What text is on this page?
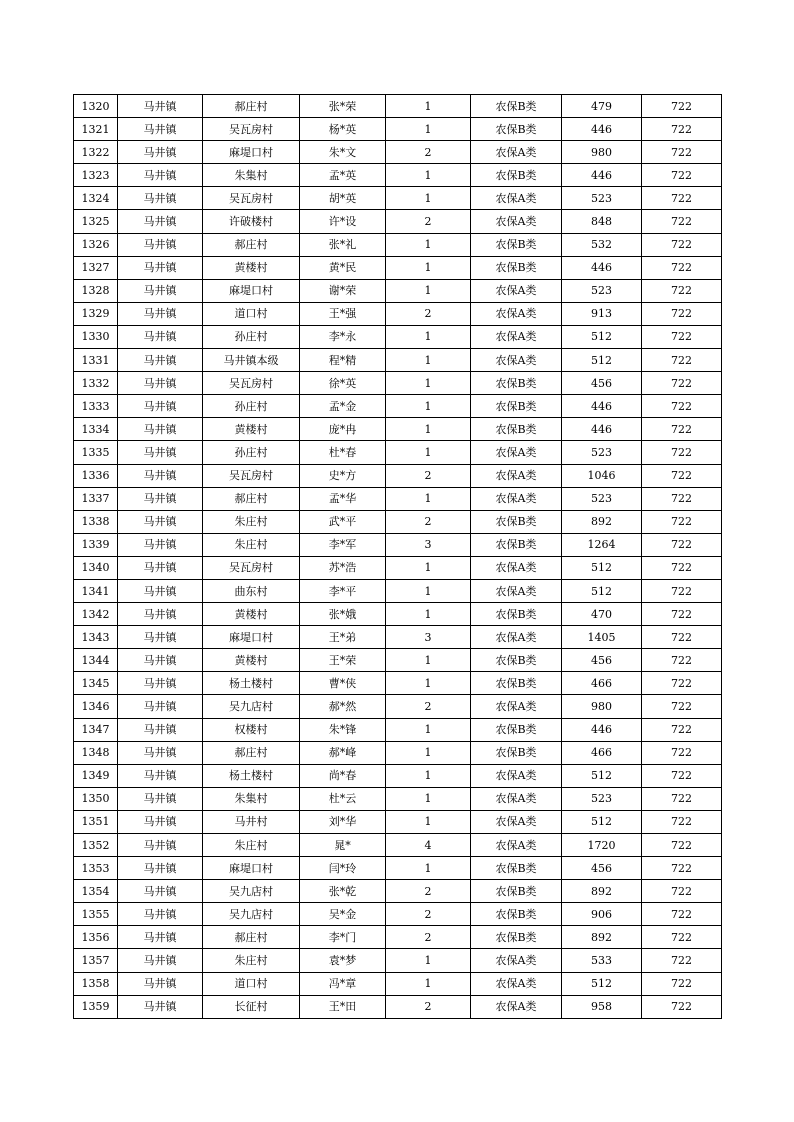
1320	马井镇	郝庄村	张*荣	1	农保B类	479	722
1321	马井镇	吴瓦房村	杨*英	1	农保B类	446	722
1322	马井镇	麻堤口村	朱*文	2	农保A类	980	722
1323	马井镇	朱集村	孟*英	1	农保B类	446	722
1324	马井镇	吴瓦房村	胡*英	1	农保A类	523	722
1325	马井镇	许破楼村	许*设	2	农保A类	848	722
1326	马井镇	郝庄村	张*礼	1	农保B类	532	722
1327	马井镇	黄楼村	黄*民	1	农保B类	446	722
1328	马井镇	麻堤口村	谢*荣	1	农保A类	523	722
1329	马井镇	道口村	王*强	2	农保A类	913	722
1330	马井镇	孙庄村	李*永	1	农保A类	512	722
1331	马井镇	马井镇本级	程*精	1	农保A类	512	722
1332	马井镇	吴瓦房村	徐*英	1	农保B类	456	722
1333	马井镇	孙庄村	孟*金	1	农保B类	446	722
1334	马井镇	黄楼村	庞*冉	1	农保B类	446	722
1335	马井镇	孙庄村	杜*春	1	农保A类	523	722
1336	马井镇	吴瓦房村	史*方	2	农保A类	1046	722
1337	马井镇	郝庄村	孟*华	1	农保A类	523	722
1338	马井镇	朱庄村	武*平	2	农保B类	892	722
1339	马井镇	朱庄村	李*军	3	农保B类	1264	722
1340	马井镇	吴瓦房村	苏*浩	1	农保A类	512	722
1341	马井镇	曲东村	李*平	1	农保A类	512	722
1342	马井镇	黄楼村	张*娥	1	农保B类	470	722
1343	马井镇	麻堤口村	王*弟	3	农保A类	1405	722
1344	马井镇	黄楼村	王*荣	1	农保B类	456	722
1345	马井镇	杨土楼村	曹*侠	1	农保B类	466	722
1346	马井镇	吴九店村	郝*然	2	农保A类	980	722
1347	马井镇	权楼村	朱*锋	1	农保B类	446	722
1348	马井镇	郝庄村	郝*峰	1	农保B类	466	722
1349	马井镇	杨土楼村	尚*春	1	农保A类	512	722
1350	马井镇	朱集村	杜*云	1	农保A类	523	722
1351	马井镇	马井村	刘*华	1	农保A类	512	722
1352	马井镇	朱庄村	晁*	4	农保A类	1720	722
1353	马井镇	麻堤口村	闫*玲	1	农保B类	456	722
1354	马井镇	吴九店村	张*乾	2	农保B类	892	722
1355	马井镇	吴九店村	吴*金	2	农保B类	906	722
1356	马井镇	郝庄村	李*门	2	农保B类	892	722
1357	马井镇	朱庄村	袁*梦	1	农保A类	533	722
1358	马井镇	道口村	冯*章	1	农保A类	512	722
1359	马井镇	长征村	王*田	2	农保A类	958	722
